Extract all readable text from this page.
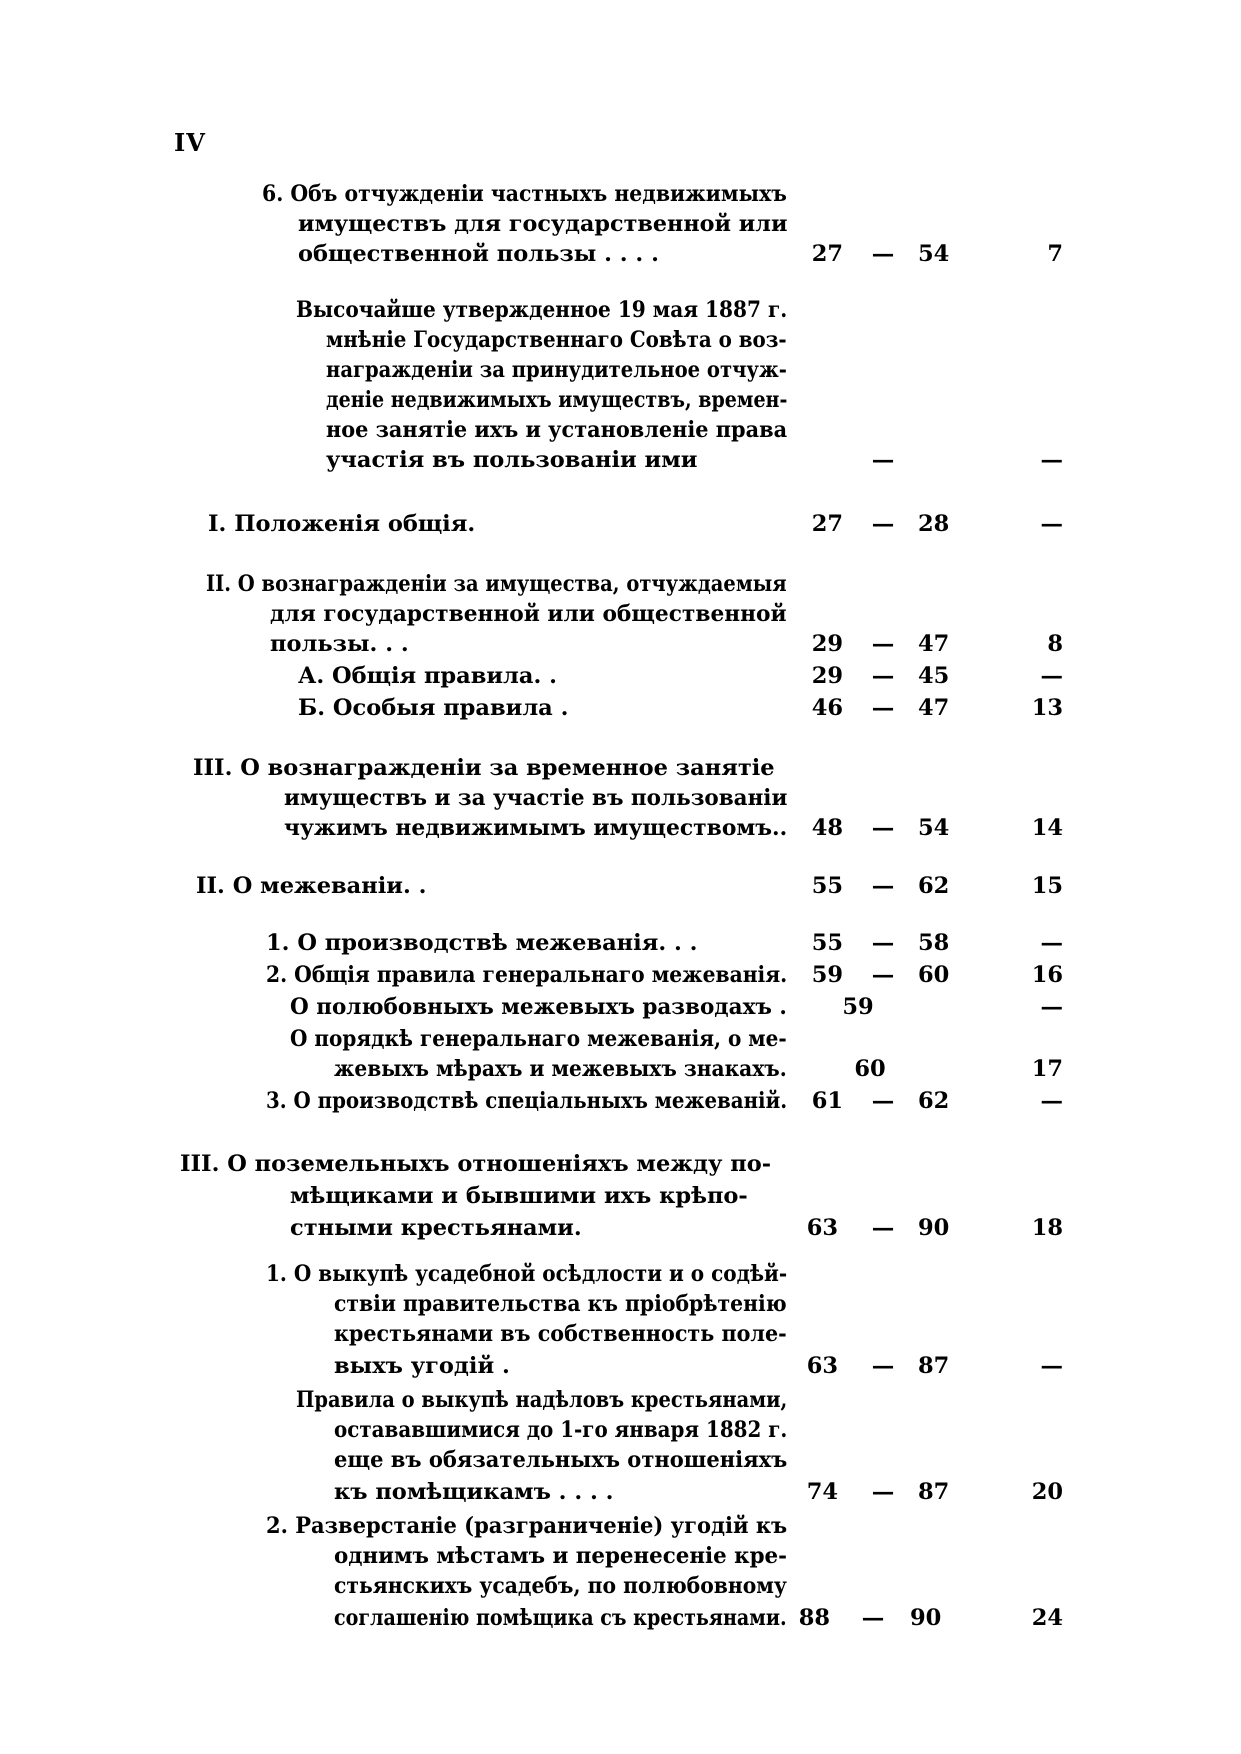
IV
6. Объ отчужденіи частныхъ недвижимыхъ
имуществъ для государственной или
общественной пользы . . . .	27 — 54	7
Высочайше утвержденное 19 мая 1887 г.
мнѣніе Государственнаго Совѣта о воз-
награжденіи за принудительное отчуж-
деніе недвижимыхъ имуществъ, времен-
ное занятіе ихъ и установленіе права
участія въ пользованіи ими	—	—
I. Положенія общія.	27 — 28	—
II. О вознагражденіи за имущества, отчуждаемыя
для государственной или общественной
пользы. . .	29 — 47	8
А. Общія правила. .	29 — 45	—
Б. Особыя правила .	46 — 47	13
III. О вознагражденіи за временное занятіе
имуществъ и за участіе въ пользованіи
чужимъ недвижимымъ имуществомъ..	48 — 54	14
II. О межеваніи. .	55 — 62	15
1. О производствѣ межеванія. . .	55 — 58	—
2. Общія правила генеральнаго межеванія.	59 — 60	16
О полюбовныхъ межевыхъ разводахъ . 59	—
О порядкѣ генеральнаго межеванія, о ме-
жевыхъ мѣрахъ и межевыхъ знакахъ.	60	17
3. О производствѣ спеціальныхъ межеваній.	61 — 62	—
III. О поземельныхъ отношеніяхъ между по-
мѣщиками и бывшими ихъ крѣпо-
стными крестьянами.	63 — 90	18
1. О выкупѣ усадебной осѣдлости и о содѣй-
ствіи правительства къ пріобрѣтенію
крестьянами въ собственность поле-
выхъ угодій .	63 — 87	—
Правила о выкупѣ надѣловъ крестьянами,
остававшимися до 1-го января 1882 г.
еще въ обязательныхъ отношеніяхъ
къ помѣщикамъ . . . .	74 — 87	20
2. Разверстаніе (разграниченіе) угодій къ
однимъ мѣстамъ и перенесеніе кре-
стьянскихъ усадебъ, по полюбовному
соглашенію помѣщика съ крестьянами. 88 — 90	24
